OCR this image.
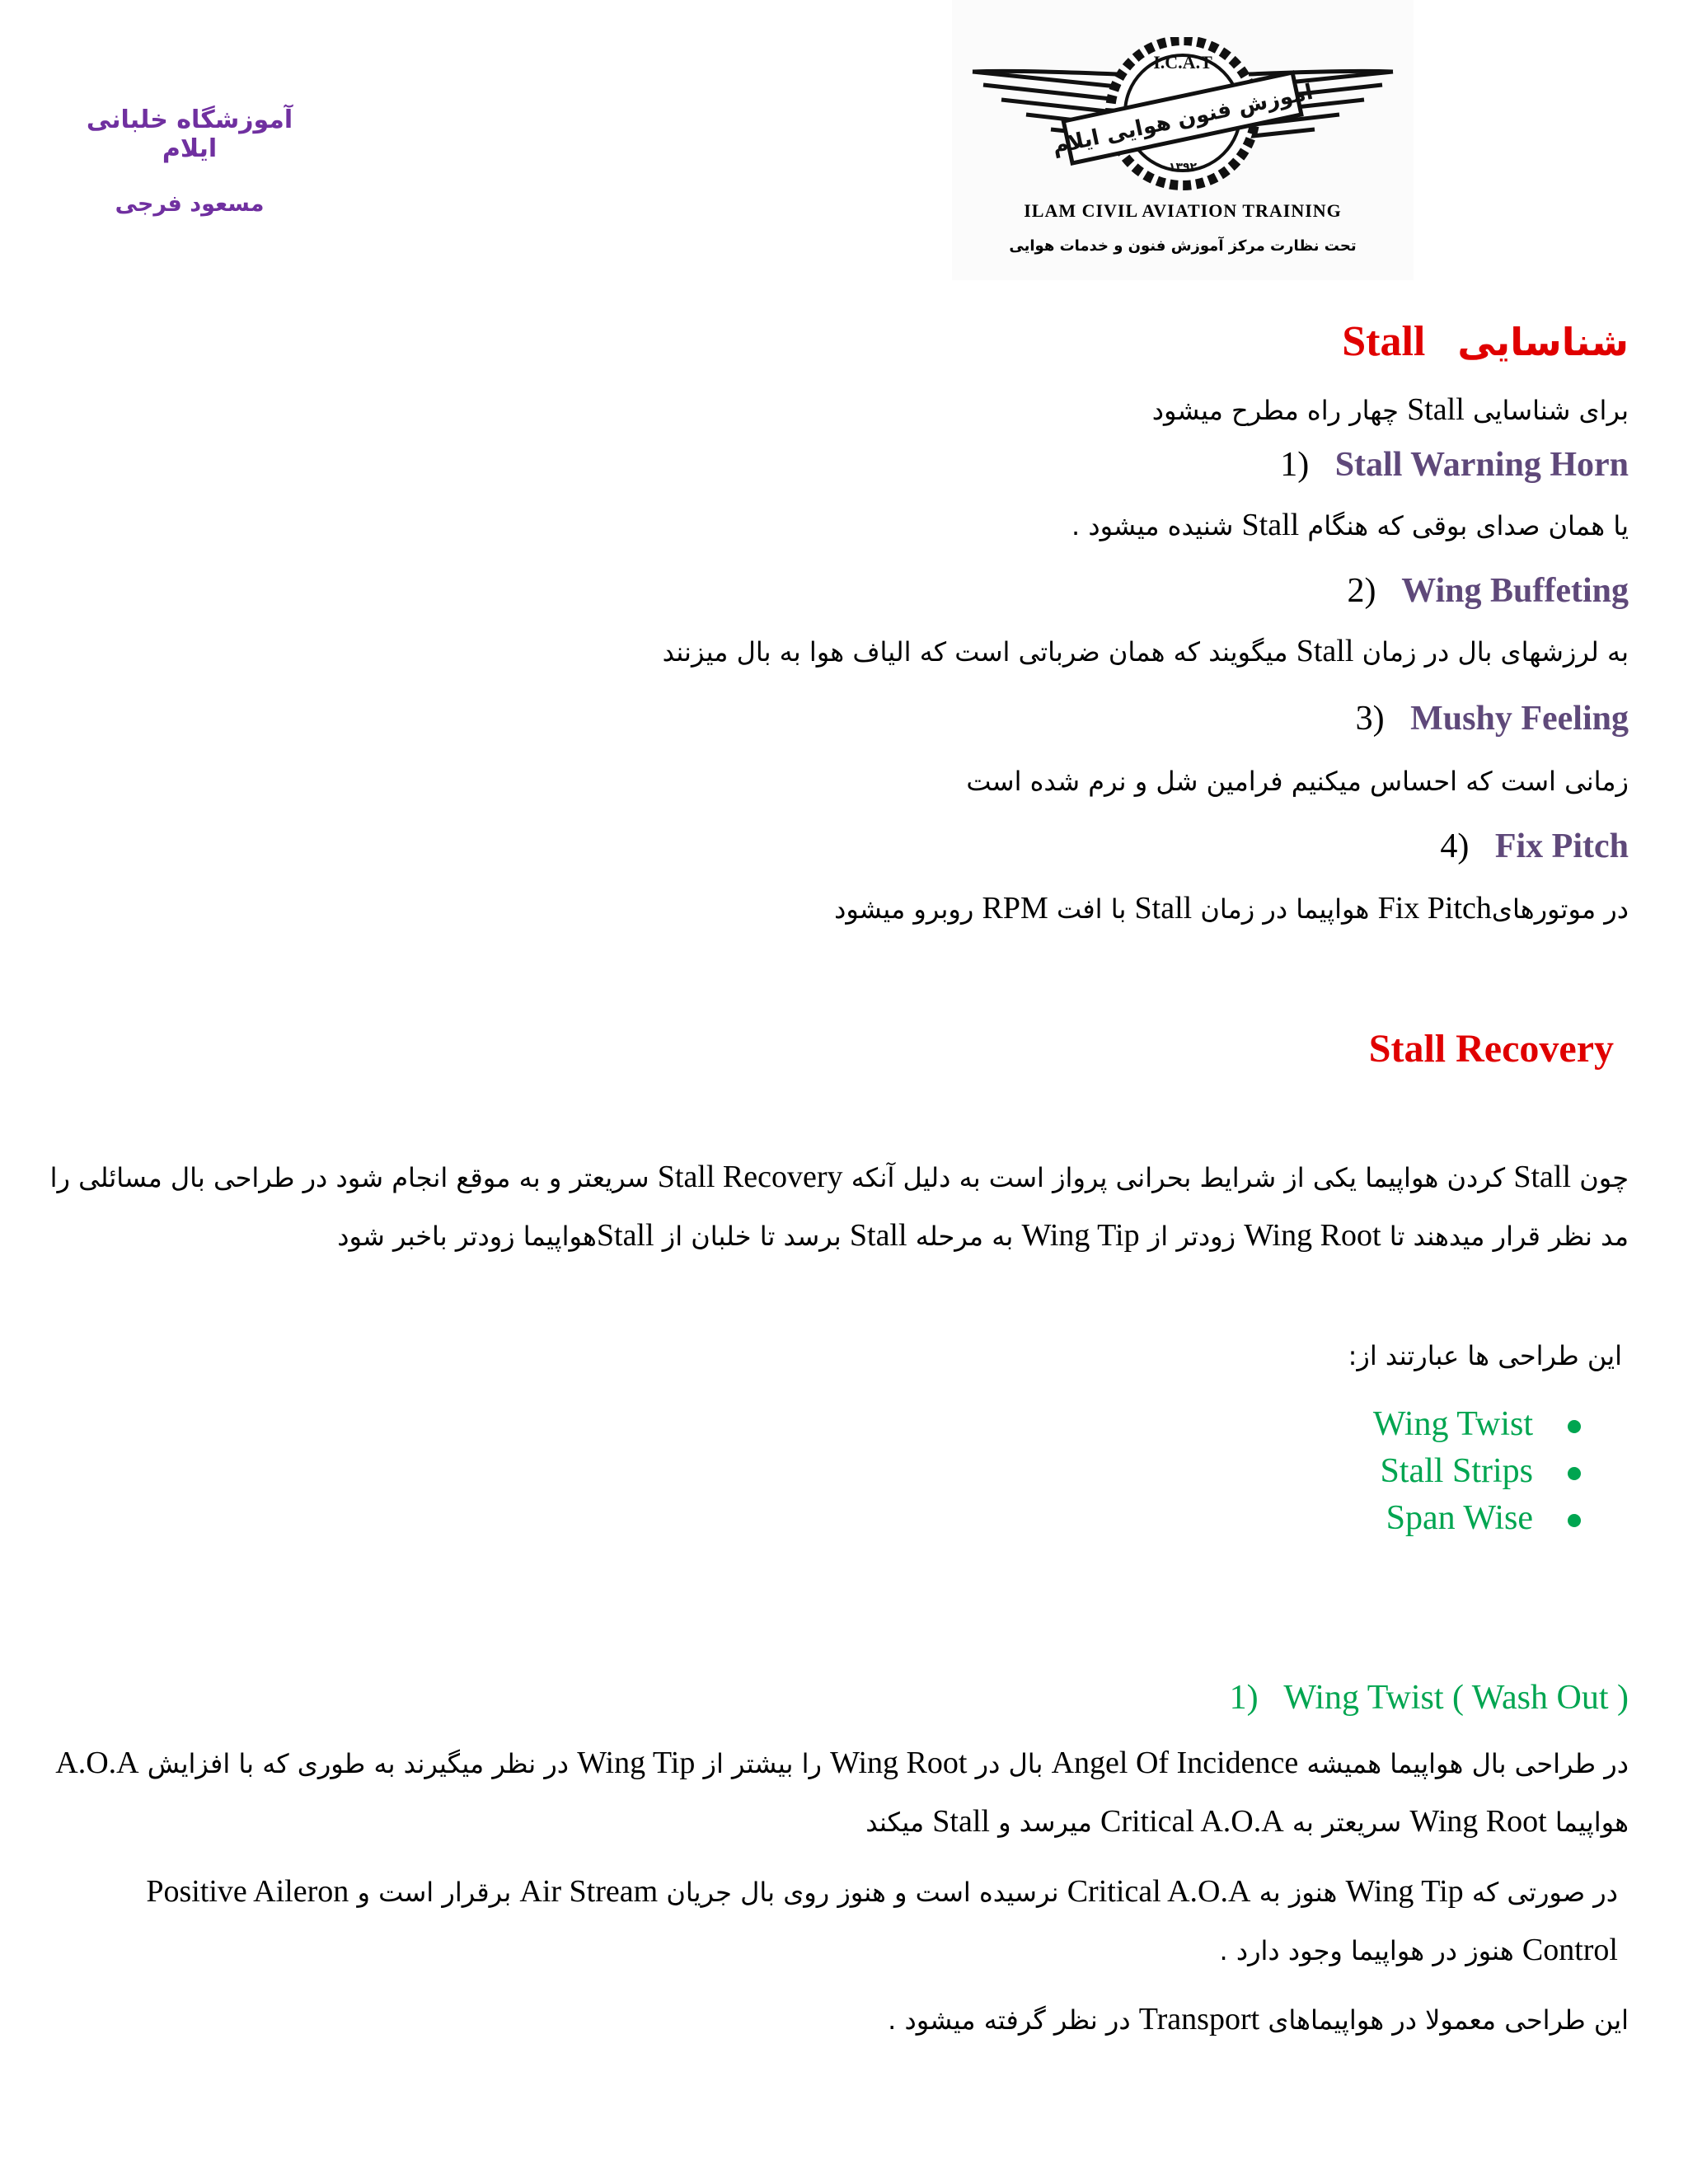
آموزشگاه خلبانی ایلام
مسعود فرجی
I.C.A.T
آموزش فنون هوایی ایلام
۱۳۹۲
ILAM CIVIL AVIATION TRAINING
تحت نظارت مرکز آموزش فنون و خدمات هوایی
شناسایی   Stall
برای شناسایی Stall چهار راه مطرح میشود
1) Stall Warning Horn
یا همان صدای بوقی که هنگام Stall شنیده میشود .
2) Wing Buffeting
به لرزشهای بال در زمان Stall میگویند که همان ضرباتی است که الیاف هوا به بال میزنند
3) Mushy Feeling
زمانی است که احساس میکنیم فرامین شل و نرم شده است
4) Fix Pitch
در موتورهایFix Pitch هواپیما در زمان Stall با افت RPM روبرو میشود
Stall Recovery
چون Stall کردن هواپیما یکی از شرایط بحرانی پرواز است به دلیل آنکه Stall Recovery سریعتر و به موقع انجام شود در طراحی بال مسائلی را مد نظر قرار میدهند تا Wing Root زودتر از Wing Tip به مرحله Stall برسد تا خلبان از Stallهواپیما زودتر باخبر شود
این طراحی ها عبارتند از:
Wing Twist
Stall Strips
Span Wise
1) Wing Twist ( Wash Out )
در طراحی بال هواپیما همیشه Angel Of Incidence بال در Wing Root را بیشتر از Wing Tip در نظر میگیرند به طوری که با افزایش A.O.A هواپیما Wing Root سریعتر به Critical A.O.A میرسد و Stall میکند
در صورتی که Wing Tip هنوز به Critical A.O.A نرسیده است و هنوز روی بال جریان Air Stream برقرار است و Positive Aileron Control هنوز در هواپیما وجود دارد .
این طراحی معمولا در هواپیماهای Transport در نظر گرفته میشود .
